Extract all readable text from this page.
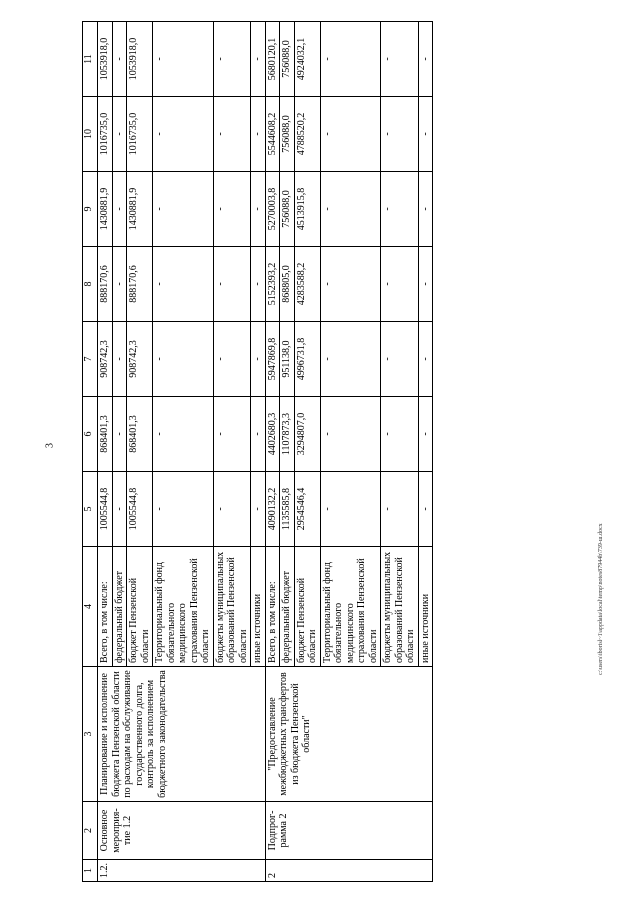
3
1	2	3	4	5	6	7	8	9	10	11
1.2.	Основное мероприя-тие 1.2	Планирование и исполнение бюджета Пензенской области по расходам на обслуживание государственного долга, контроль за исполнением бюджетного законодательства	Всего, в том числе:	1005544,8	868401,3	908742,3	888170,6	1430881,9	1016735,0	1053918,0
			федеральный бюджет	-	-	-	-	-	-	-
			бюджет Пензенской области	1005544,8	868401,3	908742,3	888170,6	1430881,9	1016735,0	1053918,0
			Территориальный фонд обязательного медицинского страхования Пензенской области	-	-	-	-	-	-	-
			бюджеты муниципальных образований Пензенской области	-	-	-	-	-	-	-
			иные источники	-	-	-	-	-	-	-
2	Подпрог-рамма 2	"Предоставление межбюджетных трансфертов из бюджета Пензенской области"	Всего, в том числе:	4090132,2	4402680,3	5947869,8	5152393,2	5270003,8	5544608,2	5680120,1
			федеральный бюджет	1135585,8	1107873,3	951138,0	868805,0	756088,0	756088,0	756088,0
			бюджет Пензенской области	2954546,4	3294807,0	4996731,8	4283588,2	4513915,8	4788520,2	4924032,1
			Территориальный фонд обязательного медицинского страхования Пензенской области	-	-	-	-	-	-	-
			бюджеты муниципальных образований Пензенской области	-	-	-	-	-	-	-
			иные источники	-	-	-	-	-	-	-
c:\users\iborisl~1\appdata\local\temp\notes87944b\739-ш.docx
